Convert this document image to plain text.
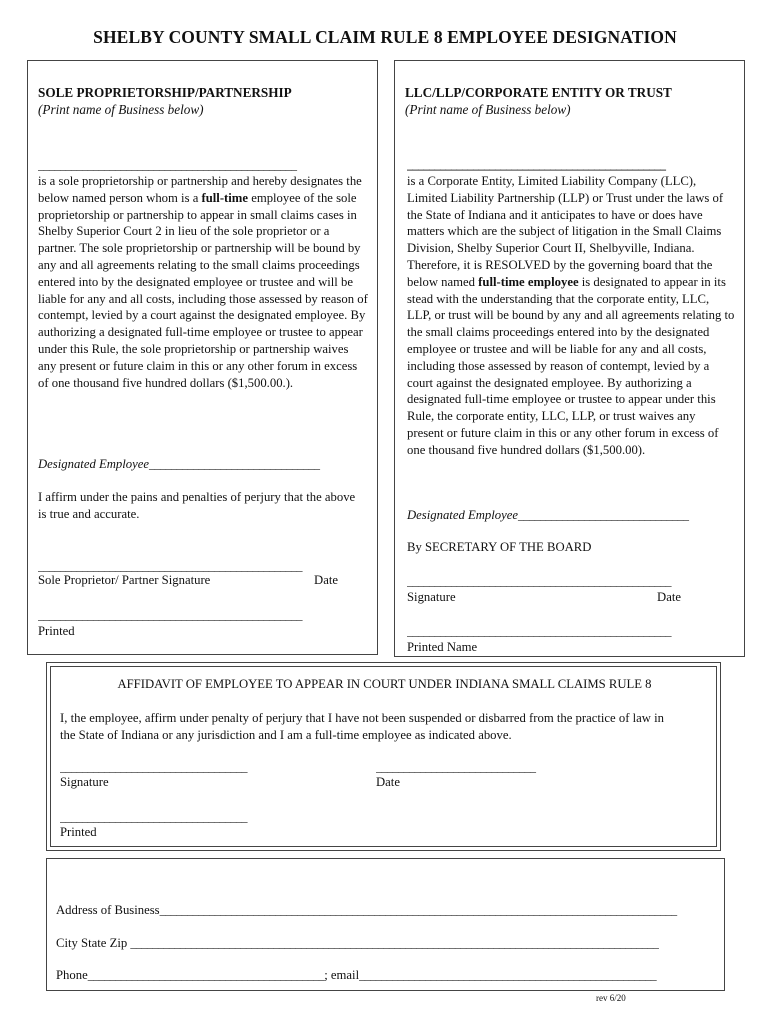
SHELBY COUNTY SMALL CLAIM RULE 8 EMPLOYEE DESIGNATION
SOLE PROPRIETORSHIP/PARTNERSHIP
(Print name of Business below)
_______________________________________________
is a sole proprietorship or partnership and hereby designates the below named person whom is a full-time employee of the sole proprietorship or partnership to appear in small claims cases in Shelby Superior Court 2 in lieu of the sole proprietor or a partner. The sole proprietorship or partnership will be bound by any and all agreements relating to the small claims proceedings entered into by the designated employee or trustee and will be liable for any and all costs, including those assessed by reason of contempt, levied by a court against the designated employee. By authorizing a designated full-time employee or trustee to appear under this Rule, the sole proprietorship or partnership waives any present or future claim in this or any other forum in excess of one thousand five hundred dollars ($1,500.00.).
Designated Employee_______________________________
I affirm under the pains and penalties of perjury that the above is true and accurate.
________________________________________________
Sole Proprietor/ Partner Signature	Date
________________________________________________
Printed
LLC/LLP/CORPORATE ENTITY OR TRUST
(Print name of Business below)
_______________________________________________
is a Corporate Entity, Limited Liability Company (LLC), Limited Liability Partnership (LLP) or Trust under the laws of the State of Indiana and it anticipates to have or does have matters which are the subject of litigation in the Small Claims Division, Shelby Superior Court II, Shelbyville, Indiana. Therefore, it is RESOLVED by the governing board that the below named full-time employee is designated to appear in its stead with the understanding that the corporate entity, LLC, LLP, or trust will be bound by any and all agreements relating to the small claims proceedings entered into by the designated employee or trustee and will be liable for any and all costs, including those assessed by reason of contempt, levied by a court against the designated employee. By authorizing a designated full-time employee or trustee to appear under this Rule, the corporate entity, LLC, LLP, or trust waives any present or future claim in this or any other forum in excess of one thousand five hundred dollars ($1,500.00).
Designated Employee_______________________________
By SECRETARY OF THE BOARD
________________________________________________
Signature	Date
________________________________________________
Printed Name
AFFIDAVIT OF EMPLOYEE TO APPEAR IN COURT UNDER INDIANA SMALL CLAIMS RULE 8
I, the employee, affirm under penalty of perjury that I have not been suspended or disbarred from the practice of law in the State of Indiana or any jurisdiction and I am a full-time employee as indicated above.
__________________________________
Signature
_____________________________
Date
__________________________________
Printed
Address of Business______________________________________________________________________________________________
City State Zip ________________________________________________________________________________________________
Phone___________________________________________; email______________________________________________________
rev 6/20
